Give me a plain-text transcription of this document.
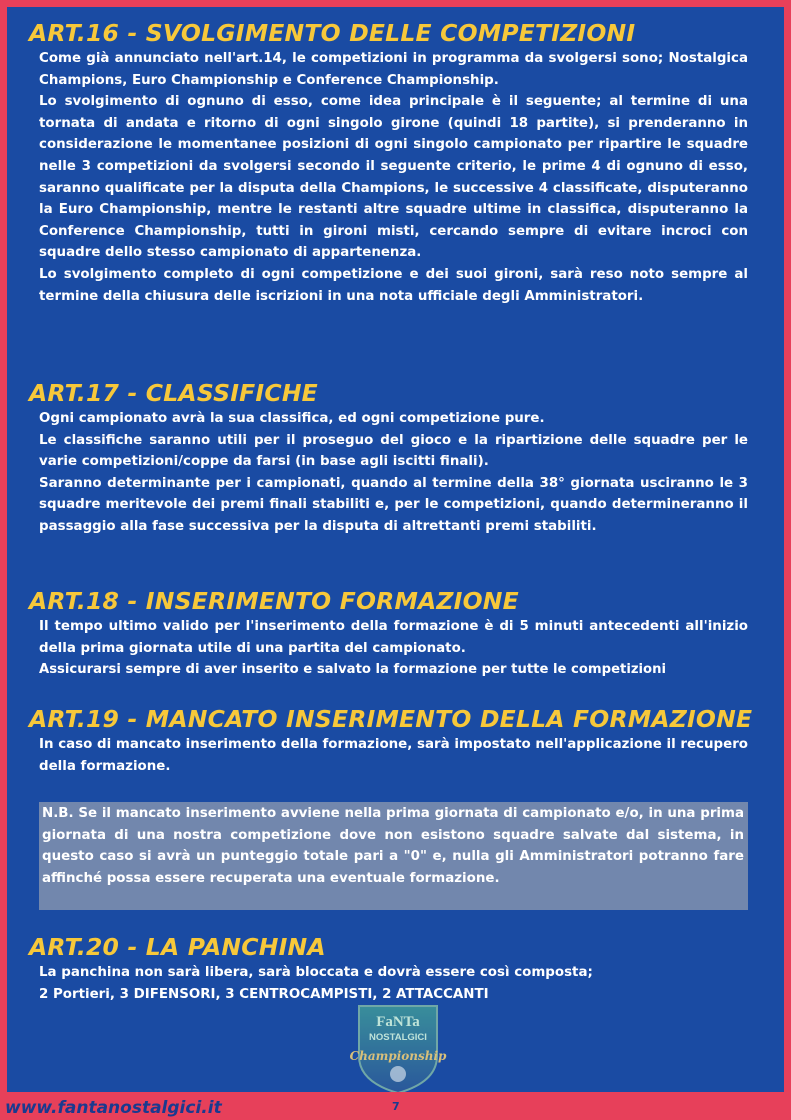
ART.16 - SVOLGIMENTO DELLE COMPETIZIONI

Come già annunciato nell'art.14, le competizioni in programma da svolgersi sono; Nostalgica Champions, Euro Championship e Conference Championship.

Lo svolgimento di ognuno di esso, come idea principale è il seguente; al termine di una tornata di andata e ritorno di ogni singolo girone (quindi 18 partite), si prenderanno in considerazione le momentanee posizioni di ogni singolo campionato per ripartire le squadre nelle 3 competizioni da svolgersi secondo il seguente criterio, le prime 4 di ognuno di esso, saranno qualificate per la disputa della Champions, le successive 4 classificate, disputeranno la Euro Championship, mentre le restanti altre squadre ultime in classifica, disputeranno la Conference Championship, tutti in gironi misti, cercando sempre di evitare incroci con squadre dello stesso campionato di appartenenza.

Lo svolgimento completo di ogni competizione e dei suoi gironi, sarà reso noto sempre al termine della chiusura delle iscrizioni in una nota ufficiale degli Amministratori.

ART.17 - CLASSIFICHE

Ogni campionato avrà la sua classifica, ed ogni competizione pure.

Le classifiche saranno utili per il proseguo del gioco e la ripartizione delle squadre per le varie competizioni/coppe da farsi (in base agli iscitti finali).

Saranno determinante per i campionati, quando al termine della 38° giornata usciranno le 3 squadre meritevole dei premi finali stabiliti e, per le competizioni, quando determineranno il passaggio alla fase successiva per la disputa di altrettanti premi stabiliti.

ART.18 - INSERIMENTO FORMAZIONE

Il tempo ultimo valido per l'inserimento della formazione è di 5 minuti antecedenti all'inizio della prima giornata utile di una partita del campionato.

Assicurarsi sempre di aver inserito e salvato la formazione per tutte le competizioni

ART.19 - MANCATO INSERIMENTO DELLA FORMAZIONE

In caso di mancato inserimento della formazione, sarà impostato nell'applicazione il recupero della formazione.

N.B. Se il mancato inserimento avviene nella prima giornata di campionato e/o, in una prima giornata di una nostra competizione dove non esistono squadre salvate dal sistema, in questo caso si avrà un punteggio totale pari a "0" e, nulla gli Amministratori potranno fare affinché possa essere recuperata una eventuale formazione.
ART.20 - LA PANCHINA

La panchina non sarà libera, sarà bloccata e dovrà essere così composta;

2 Portieri, 3 DIFENSORI, 3 CENTROCAMPISTI, 2 ATTACCANTI

FaNTa
NOSTALGICI
Championship
www.fantanostalgici.it	7
